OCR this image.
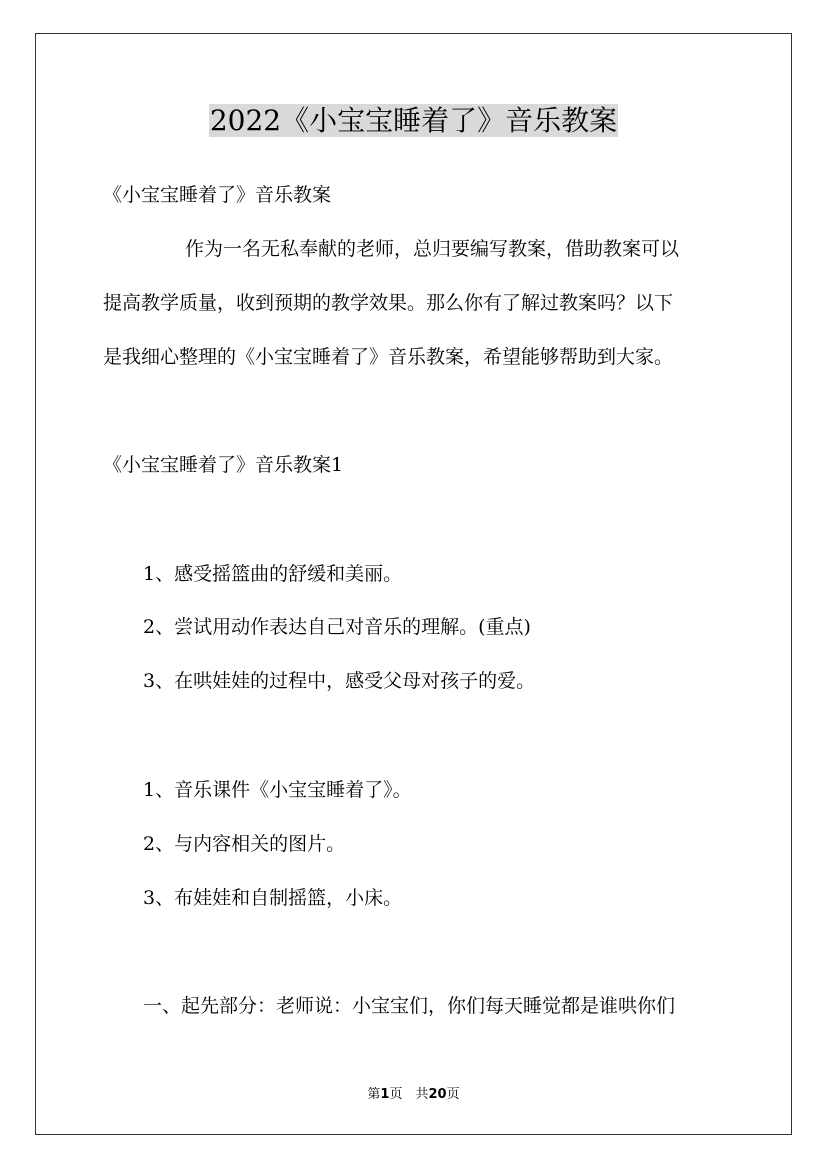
2022《小宝宝睡着了》音乐教案
《小宝宝睡着了》音乐教案
作为一名无私奉献的老师，总归要编写教案，借助教案可以
提高教学质量，收到预期的教学效果。那么你有了解过教案吗？以下
是我细心整理的《小宝宝睡着了》音乐教案，希望能够帮助到大家。
《小宝宝睡着了》音乐教案1
1、感受摇篮曲的舒缓和美丽。
2、尝试用动作表达自己对音乐的理解。(重点)
3、在哄娃娃的过程中，感受父母对孩子的爱。
1、音乐课件《小宝宝睡着了》。
2、与内容相关的图片。
3、布娃娃和自制摇篮，小床。
一、起先部分：老师说：小宝宝们，你们每天睡觉都是谁哄你们
第1页　共20页
